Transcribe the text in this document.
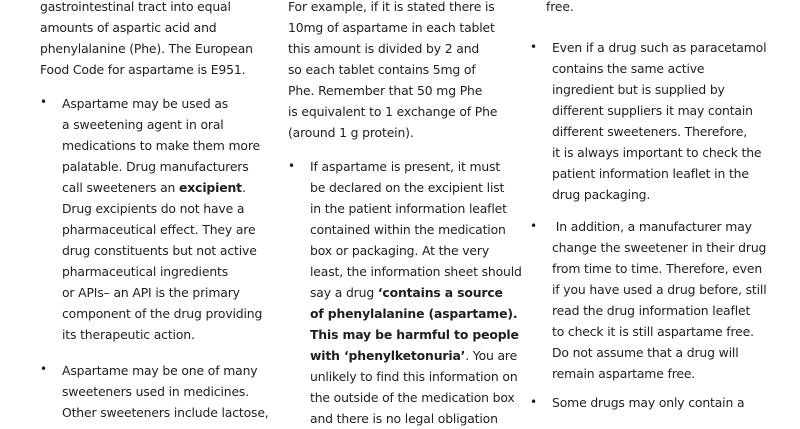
gastrointestinal tract into equal
amounts of aspartic acid and
phenylalanine (Phe). The European
Food Code for aspartame is E951.
•	Aspartame may be used as
a sweetening agent in oral
medications to make them more
palatable. Drug manufacturers
call sweeteners an excipient.
Drug excipients do not have a
pharmaceutical effect. They are
drug constituents but not active
pharmaceutical ingredients
or APIs– an API is the primary
component of the drug providing
its therapeutic action.
•	Aspartame may be one of many
sweeteners used in medicines.
Other sweeteners include lactose,
For example, if it is stated there is
10mg of aspartame in each tablet
this amount is divided by 2 and
so each tablet contains 5mg of
Phe. Remember that 50 mg Phe
is equivalent to 1 exchange of Phe
(around 1 g protein).
•	If aspartame is present, it must
be declared on the excipient list
in the patient information leaflet
contained within the medication
box or packaging. At the very
least, the information sheet should
say a drug ‘contains a source
of phenylalanine (aspartame).
This may be harmful to people
with ‘phenylketonuria’. You are
unlikely to find this information on
the outside of the medication box
and there is no legal obligation
free.
•	Even if a drug such as paracetamol
contains the same active
ingredient but is supplied by
different suppliers it may contain
different sweeteners. Therefore,
it is always important to check the
patient information leaflet in the
drug packaging.
•	In addition, a manufacturer may
change the sweetener in their drug
from time to time. Therefore, even
if you have used a drug before, still
read the drug information leaflet
to check it is still aspartame free.
Do not assume that a drug will
remain aspartame free.
•	Some drugs may only contain a
